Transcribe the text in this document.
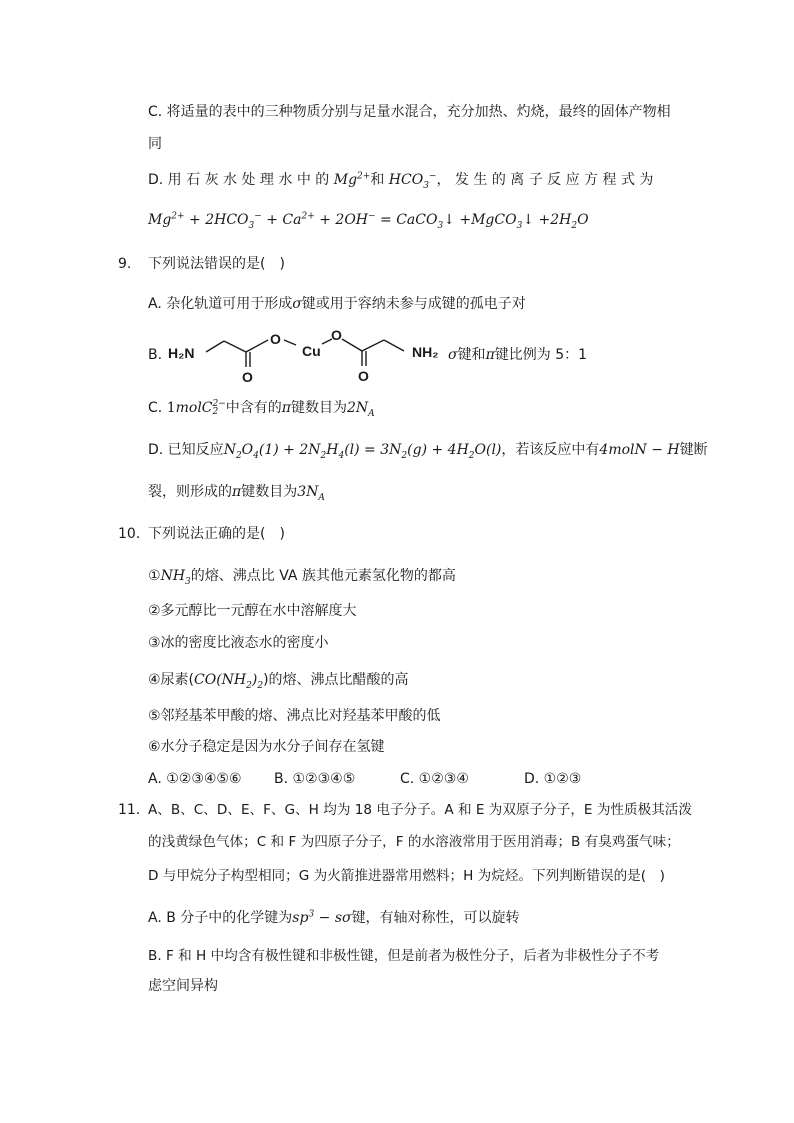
C. 将适量的表中的三种物质分别与足量水混合，充分加热、灼烧，最终的固体产物相
同
D. 用 石 灰 水 处 理 水 中 的 $Mg^{2+}$和 $HCO_3^-$， 发 生 的 离 子 反 应 方 程 式 为
$Mg^{2+} + 2HCO_3^- + Ca^{2+} + 2OH^-$ = CaCO$_3$↓ +MgCO$_3$↓ $+2H_2O$
9. 下列说法错误的是(　)
A. 杂化轨道可用于形成σ键或用于容纳未参与成键的孤电子对
B. H₂N
O
Cu
O
O	O
NH₂ σ键和π键比例为 5：1
C. 1molC 2−
2 中含有的π键数目为$2N_A$
D. 已知反应$N_2O_4(1) + 2N_2H_4(l) = 3N_2(g) + 4H_2O(l)$，若该反应中有4molN − H键断
裂，则形成的π键数目为$3N_A$
10. 下列说法正确的是(　)
$①NH_3$的熔、沸点比 VA 族其他元素氢化物的都高
②多元醇比一元醇在水中溶解度大
③冰的密度比液态水的密度小
④尿素$(CO(NH_2)_2)$的熔、沸点比醋酸的高
⑤邻羟基苯甲酸的熔、沸点比对羟基苯甲酸的低
⑥水分子稳定是因为水分子间存在氢键
A. ①②③④⑤⑥ B. ①②③④⑤	C. ①②③④	D. ①②③
11. A、B、C、D、E、F、G、H 均为 18 电子分子。A 和 E 为双原子分子，E 为性质极其活泼
的浅黄绿色气体；C 和 F 为四原子分子，F 的水溶液常用于医用消毒；B 有臭鸡蛋气味；
D 与甲烷分子构型相同；G 为火箭推进器常用燃料；H 为烷烃。下列判断错误的是(　)
A. B 分子中的化学键为$sp^3 - s\sigma$键，有轴对称性，可以旋转
B. F 和 H 中均含有极性键和非极性键，但是前者为极性分子，后者为非极性分子不考
虑空间异构
